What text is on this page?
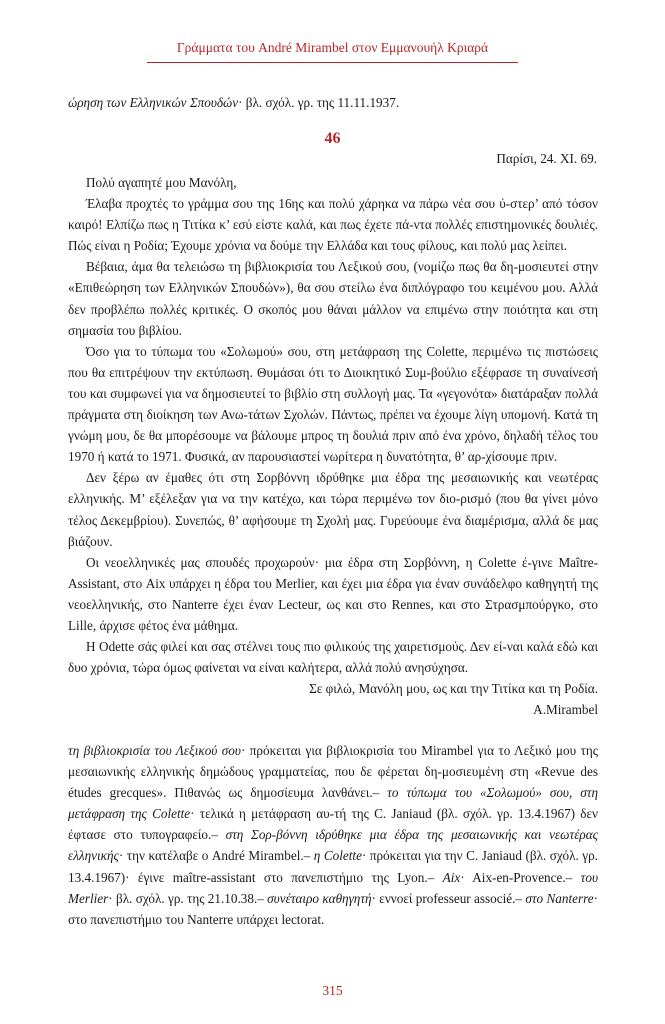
Γράμματα του André Mirambel στον Εμμανουήλ Κριαρά
ώρηση των Ελληνικών Σπουδών· βλ. σχόλ. γρ. της 11.11.1937.
46
Παρίσι, 24. XI. 69.

Πολύ αγαπητέ μου Μανόλη,

Έλαβα προχτές το γράμμα σου της 16ης και πολύ χάρηκα να πάρω νέα σου ύ-στερ’ από τόσον καιρό! Ελπίζω πως η Τιτίκα κ’ εσύ είστε καλά, και πως έχετε πά-ντα πολλές επιστημονικές δουλιές. Πώς είναι η Ροδία; Έχουμε χρόνια να δούμε την Ελλάδα και τους φίλους, και πολύ μας λείπει.

Βέβαια, άμα θα τελειώσω τη βιβλιοκρισία του Λεξικού σου, (νομίζω πως θα δη-μοσιευτεί στην «Επιθεώρηση των Ελληνικών Σπουδών»), θα σου στείλω ένα διπλόγραφο του κειμένου μου. Αλλά δεν προβλέπω πολλές κριτικές. Ο σκοπός μου θάναι μάλλον να επιμένω στην ποιότητα και στη σημασία του βιβλίου.

Όσο για το τύπωμα του «Σολωμού» σου, στη μετάφραση της Colette, περιμένω τις πιστώσεις που θα επιτρέψουν την εκτύπωση. Θυμάσαι ότι το Διοικητικό Συμ-βούλιο εξέφρασε τη συναίνεσή του και συμφωνεί για να δημοσιευτεί το βιβλίο στη συλλογή μας. Τα «γεγονότα» διατάραξαν πολλά πράγματα στη διοίκηση των Ανω-τάτων Σχολών. Πάντως, πρέπει να έχουμε λίγη υπομονή. Κατά τη γνώμη μου, δε θα μπορέσουμε να βάλουμε μπρος τη δουλιά πριν από ένα χρόνο, δηλαδή τέλος του 1970 ή κατά το 1971. Φυσικά, αν παρουσιαστεί νωρίτερα η δυνατότητα, θ’ αρ-χίσουμε πριν.

Δεν ξέρω αν έμαθες ότι στη Σορβόννη ιδρύθηκε μια έδρα της μεσαιωνικής και νεωτέρας ελληνικής. Μ’ εξέλεξαν για να την κατέχω, και τώρα περιμένω τον διο-ρισμό (που θα γίνει μόνο τέλος Δεκεμβρίου). Συνεπώς, θ’ αφήσουμε τη Σχολή μας. Γυρεύουμε ένα διαμέρισμα, αλλά δε μας βιάζουν.

Οι νεοελληνικές μας σπουδές προχωρούν· μια έδρα στη Σορβόννη, η Colette έ-γινε Maître-Assistant, στο Aix υπάρχει η έδρα του Merlier, και έχει μια έδρα για έναν συνάδελφο καθηγητή της νεοελληνικής, στο Nanterre έχει έναν Lecteur, ως και στο Rennes, και στο Στρασμπούργκο, στο Lille, άρχισε φέτος ένα μάθημα.

Η Odette σάς φιλεί και σας στέλνει τους πιο φιλικούς της χαιρετισμούς. Δεν εί-ναι καλά εδώ και δυο χρόνια, τώρα όμως φαίνεται να είναι καλήτερα, αλλά πολύ ανησύχησα.

Σε φιλώ, Μανόλη μου, ως και την Τιτίκα και τη Ροδία.
A.Mirambel

τη βιβλιοκρισία του Λεξικού σου· πρόκειται για βιβλιοκρισία του Mirambel για το Λεξικό μου της μεσαιωνικής ελληνικής δημώδους γραμματείας, που δε φέρεται δη-μοσιευμένη στη «Revue des études grecques». Πιθανώς ως δημοσίευμα λανθάνει.– το τύπωμα του «Σολωμού» σου, στη μετάφραση της Colette· τελικά η μετάφραση αυ-τή της C. Janiaud (βλ. σχόλ. γρ. 13.4.1967) δεν έφτασε στο τυπογραφείο.– στη Σορ-βόννη ιδρύθηκε μια έδρα της μεσαιωνικής και νεωτέρας ελληνικής· την κατέλαβε ο André Mirambel.– η Colette· πρόκειται για την C. Janiaud (βλ. σχόλ. γρ. 13.4.1967)· έγινε maître-assistant στο πανεπιστήμιο της Lyon.– Aix· Aix-en-Provence.– του Merlier· βλ. σχόλ. γρ. της 21.10.38.– συνέταιρο καθηγητή· εννοεί professeur associé.– στο Nanterre· στο πανεπιστήμιο του Nanterre υπάρχει lectorat.

315
